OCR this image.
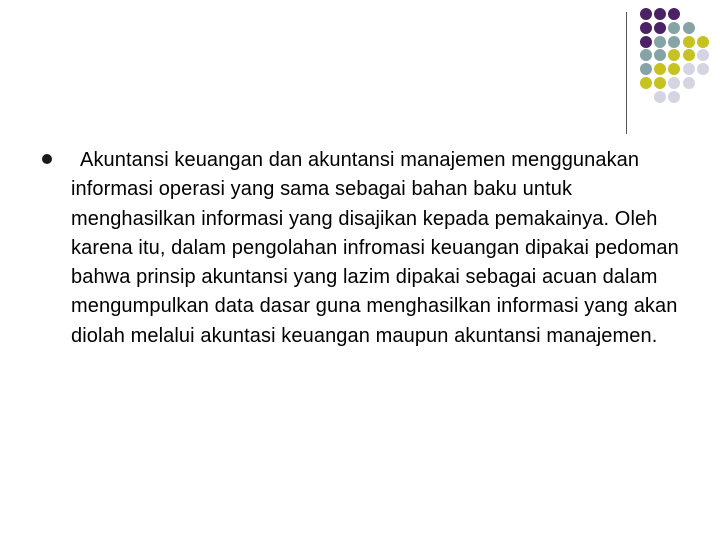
Akuntansi keuangan dan akuntansi manajemen menggunakan informasi operasi yang sama sebagai bahan baku untuk menghasilkan informasi yang disajikan kepada pemakainya. Oleh karena itu, dalam pengolahan infromasi keuangan dipakai pedoman bahwa prinsip akuntansi yang lazim dipakai sebagai acuan dalam mengumpulkan data dasar guna menghasilkan informasi yang akan diolah melalui akuntasi keuangan maupun akuntansi manajemen.
